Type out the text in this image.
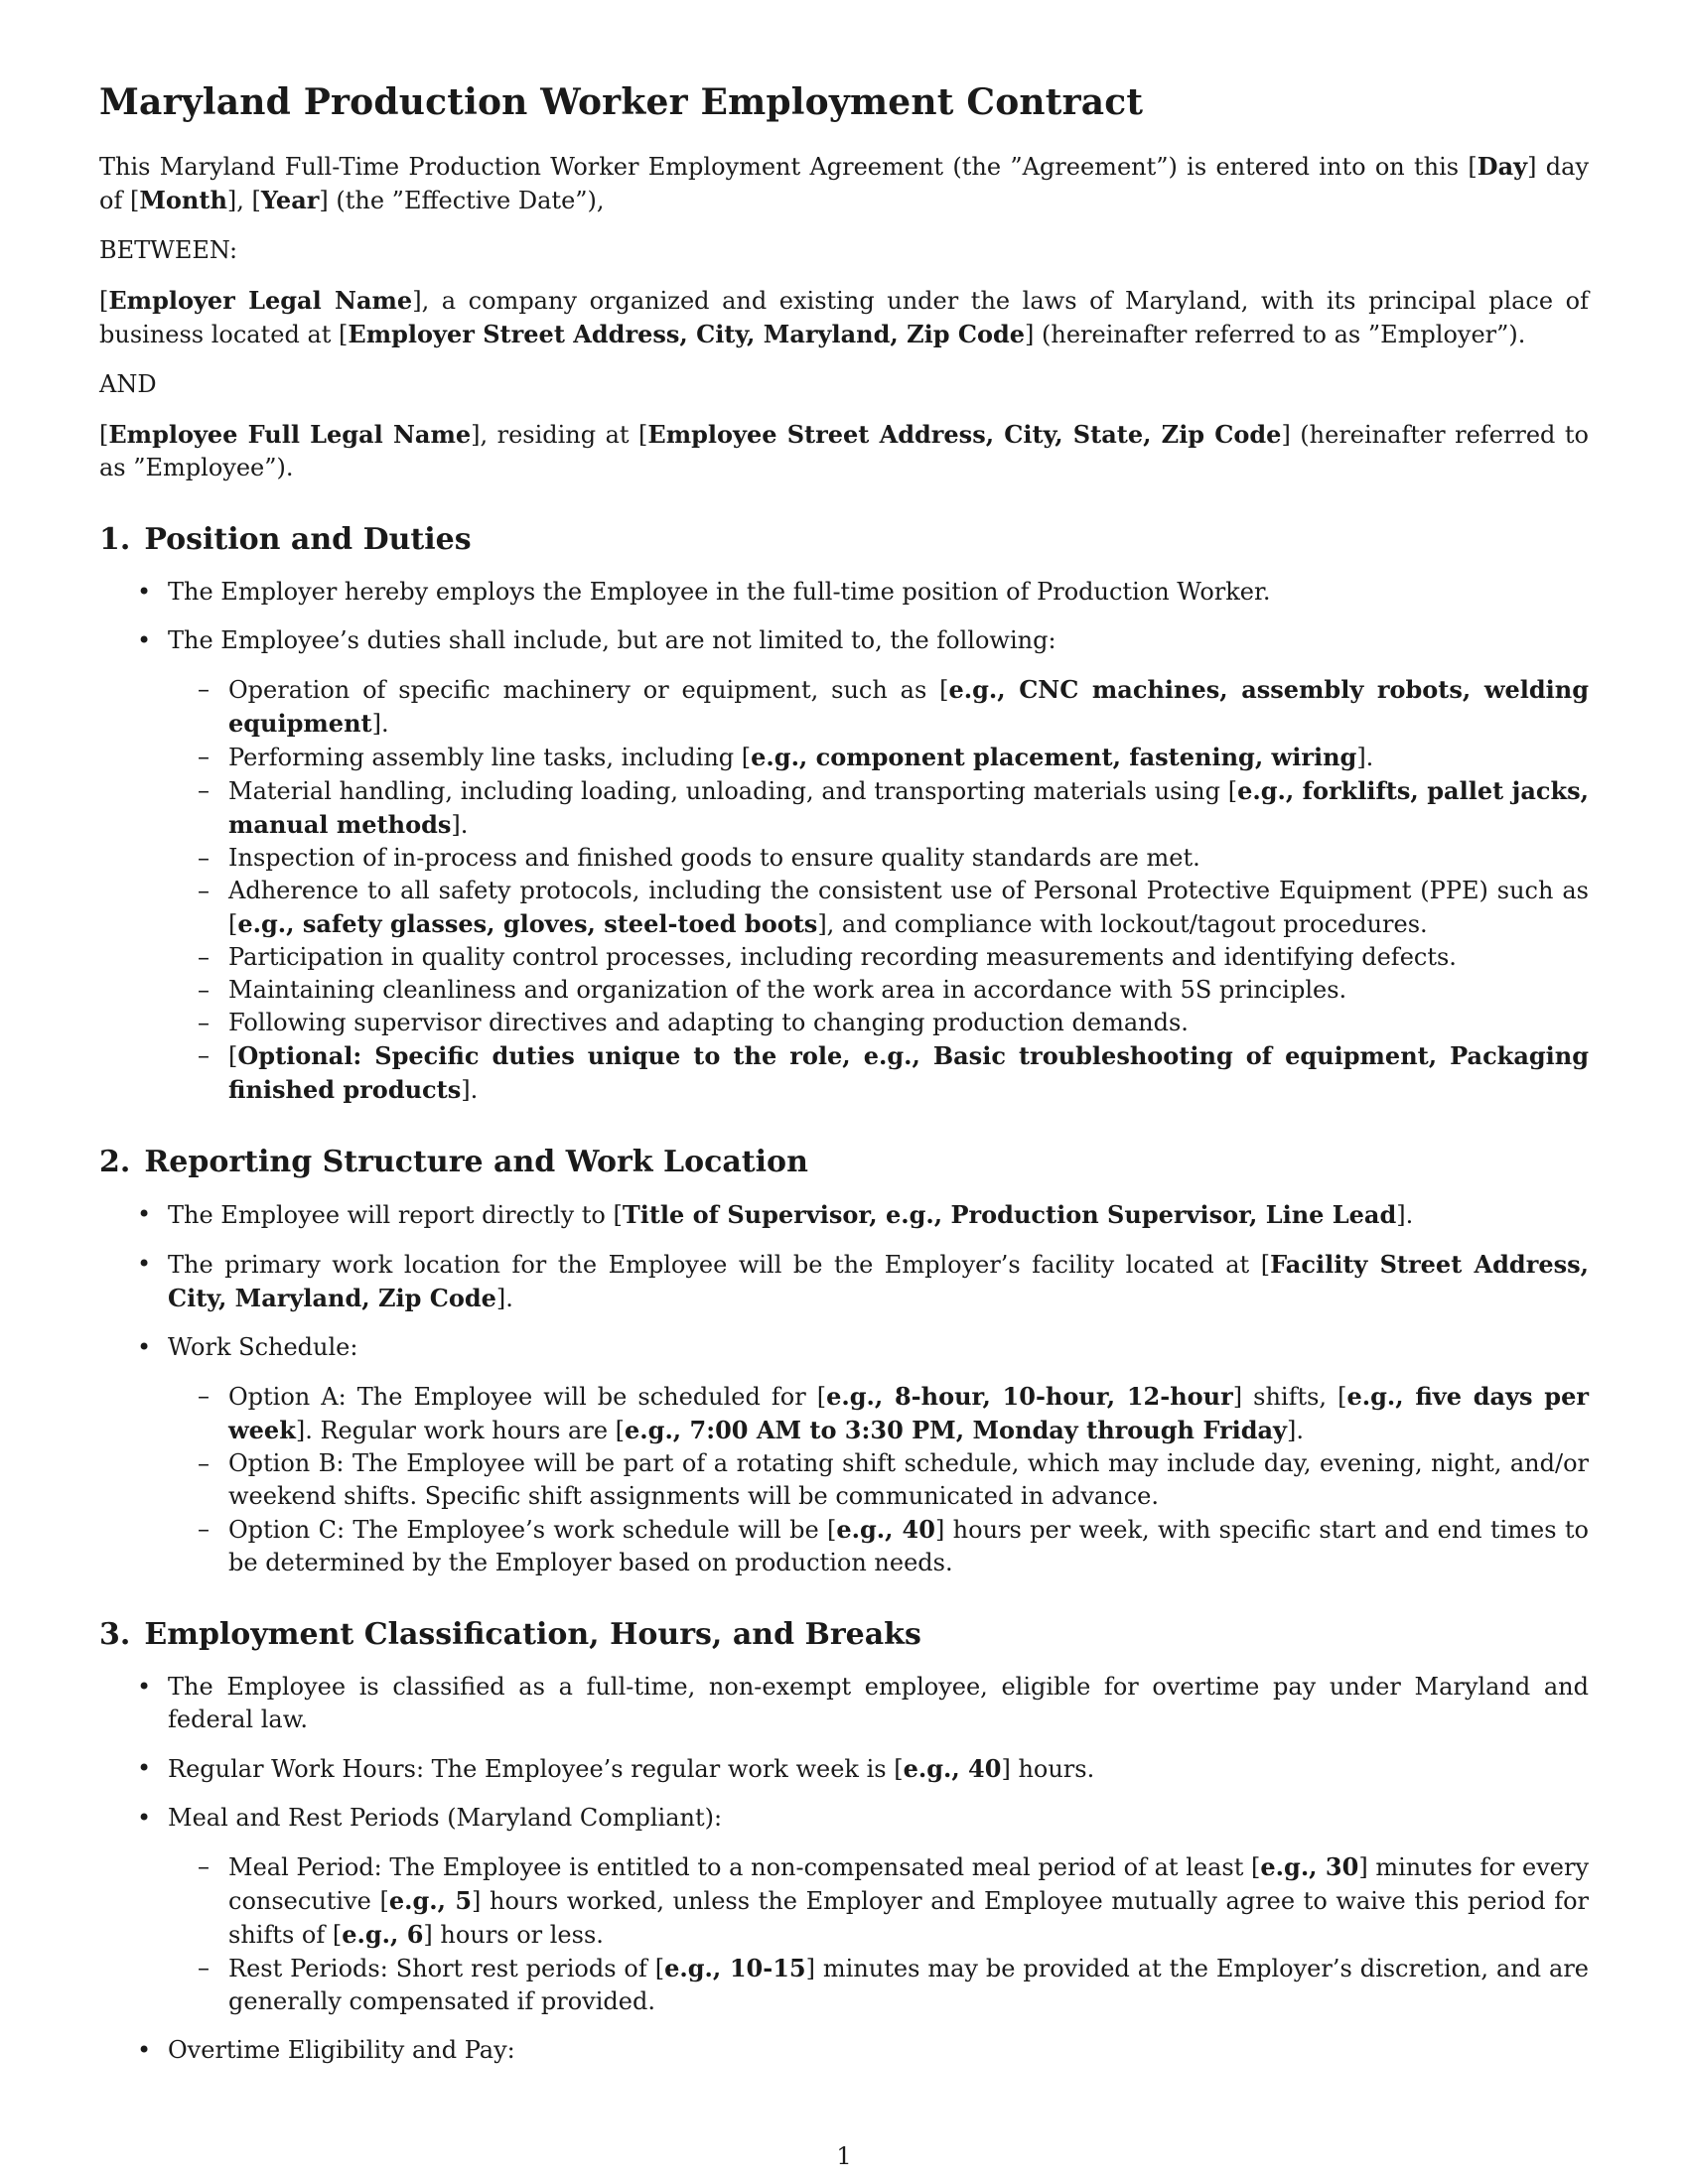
Maryland Production Worker Employment Contract

This Maryland Full-Time Production Worker Employment Agreement (the ”Agreement”) is entered into on this [Day] day of [Month], [Year] (the ”Effective Date”),

BETWEEN:

[Employer Legal Name], a company organized and existing under the laws of Maryland, with its principal place of business located at [Employer Street Address, City, Maryland, Zip Code] (hereinafter referred to as ”Employer”).

AND

[Employee Full Legal Name], residing at [Employee Street Address, City, State, Zip Code] (hereinafter referred to as ”Employee”).

1. Position and Duties
• The Employer hereby employs the Employee in the full-time position of Production Worker.
• The Employee’s duties shall include, but are not limited to, the following:
– Operation of specific machinery or equipment, such as [e.g., CNC machines, assembly robots, welding equipment].
– Performing assembly line tasks, including [e.g., component placement, fastening, wiring].
– Material handling, including loading, unloading, and transporting materials using [e.g., forklifts, pallet jacks, manual methods].
– Inspection of in-process and finished goods to ensure quality standards are met.
– Adherence to all safety protocols, including the consistent use of Personal Protective Equipment (PPE) such as [e.g., safety glasses, gloves, steel-toed boots], and compliance with lockout/tagout procedures.
– Participation in quality control processes, including recording measurements and identifying defects.
– Maintaining cleanliness and organization of the work area in accordance with 5S principles.
– Following supervisor directives and adapting to changing production demands.
– [Optional: Specific duties unique to the role, e.g., Basic troubleshooting of equipment, Packaging finished products].
2. Reporting Structure and Work Location
• The Employee will report directly to [Title of Supervisor, e.g., Production Supervisor, Line Lead].
• The primary work location for the Employee will be the Employer’s facility located at [Facility Street Address, City, Maryland, Zip Code].
• Work Schedule:
– Option A: The Employee will be scheduled for [e.g., 8-hour, 10-hour, 12-hour] shifts, [e.g., five days per week]. Regular work hours are [e.g., 7:00 AM to 3:30 PM, Monday through Friday].
– Option B: The Employee will be part of a rotating shift schedule, which may include day, evening, night, and/or weekend shifts. Specific shift assignments will be communicated in advance.
– Option C: The Employee’s work schedule will be [e.g., 40] hours per week, with specific start and end times to be determined by the Employer based on production needs.
3. Employment Classification, Hours, and Breaks
• The Employee is classified as a full-time, non-exempt employee, eligible for overtime pay under Maryland and federal law.
• Regular Work Hours: The Employee’s regular work week is [e.g., 40] hours.
• Meal and Rest Periods (Maryland Compliant):
– Meal Period: The Employee is entitled to a non-compensated meal period of at least [e.g., 30] minutes for every consecutive [e.g., 5] hours worked, unless the Employer and Employee mutually agree to waive this period for shifts of [e.g., 6] hours or less.
– Rest Periods: Short rest periods of [e.g., 10-15] minutes may be provided at the Employer’s discretion, and are generally compensated if provided.
• Overtime Eligibility and Pay:
1
